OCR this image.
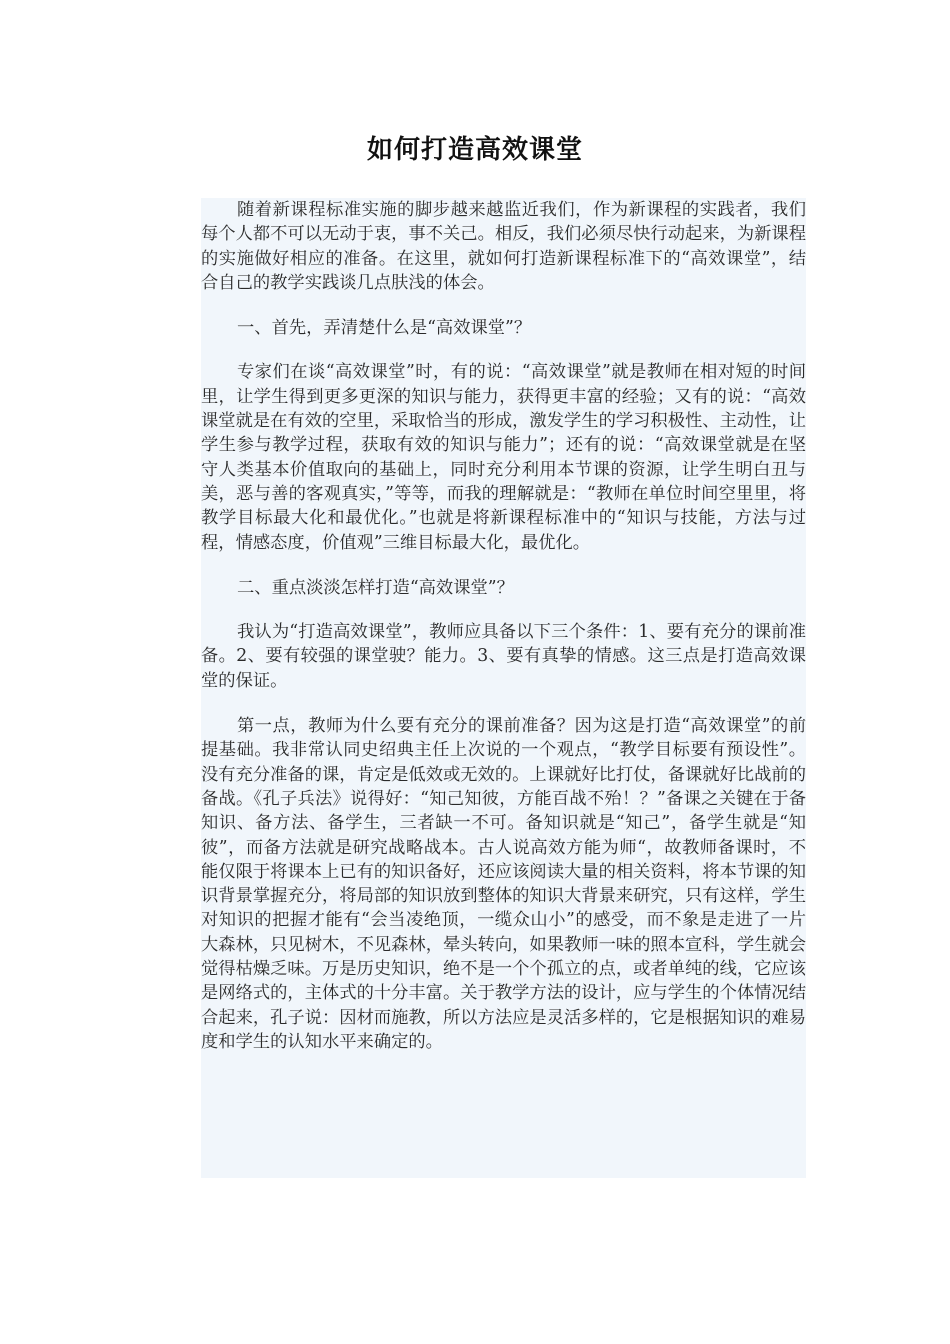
如何打造高效课堂

随着新课程标准实施的脚步越来越监近我们，作为新课程的实践者，我们每个人都不可以无动于衷，事不关己。相反，我们必须尽快行动起来，为新课程的实施做好相应的准备。在这里，就如何打造新课程标准下的“高效课堂”，结合自己的教学实践谈几点肤浅的体会。

一、首先，弄清楚什么是“高效课堂”？

专家们在谈“高效课堂”时，有的说：“高效课堂”就是教师在相对短的时间里，让学生得到更多更深的知识与能力，获得更丰富的经验；又有的说：“高效课堂就是在有效的空里，采取恰当的形成，激发学生的学习积极性、主动性，让学生参与教学过程，获取有效的知识与能力”；还有的说：“高效课堂就是在坚守人类基本价值取向的基础上，同时充分利用本节课的资源，让学生明白丑与美，恶与善的客观真实，”等等，而我的理解就是：“教师在单位时间空里里，将教学目标最大化和最优化。”也就是将新课程标准中的“知识与技能，方法与过程，情感态度，价值观”三维目标最大化，最优化。

二、重点淡淡怎样打造“高效课堂”？

我认为“打造高效课堂”，教师应具备以下三个条件：1、要有充分的课前准备。2、要有较强的课堂驶？能力。3、要有真挚的情感。这三点是打造高效课堂的保证。

第一点，教师为什么要有充分的课前准备？因为这是打造“高效课堂”的前提基础。我非常认同史绍典主任上次说的一个观点，“教学目标要有预设性”。没有充分准备的课，肯定是低效或无效的。上课就好比打仗，备课就好比战前的备战。《孔子兵法》说得好：“知己知彼，方能百战不殆！？”备课之关键在于备知识、备方法、备学生，三者缺一不可。备知识就是“知己”，备学生就是“知彼”，而备方法就是研究战略战本。古人说高效方能为师“，故教师备课时，不能仅限于将课本上已有的知识备好，还应该阅读大量的相关资料，将本节课的知识背景掌握充分，将局部的知识放到整体的知识大背景来研究，只有这样，学生对知识的把握才能有“会当凌绝顶，一缆众山小”的感受，而不象是走进了一片大森林，只见树木，不见森林，晕头转向，如果教师一味的照本宣科，学生就会觉得枯燥乏味。万是历史知识，绝不是一个个孤立的点，或者单纯的线，它应该是网络式的，主体式的十分丰富。关于教学方法的设计，应与学生的个体情况结合起来，孔子说：因材而施教，所以方法应是灵活多样的，它是根据知识的难易度和学生的认知水平来确定的。
